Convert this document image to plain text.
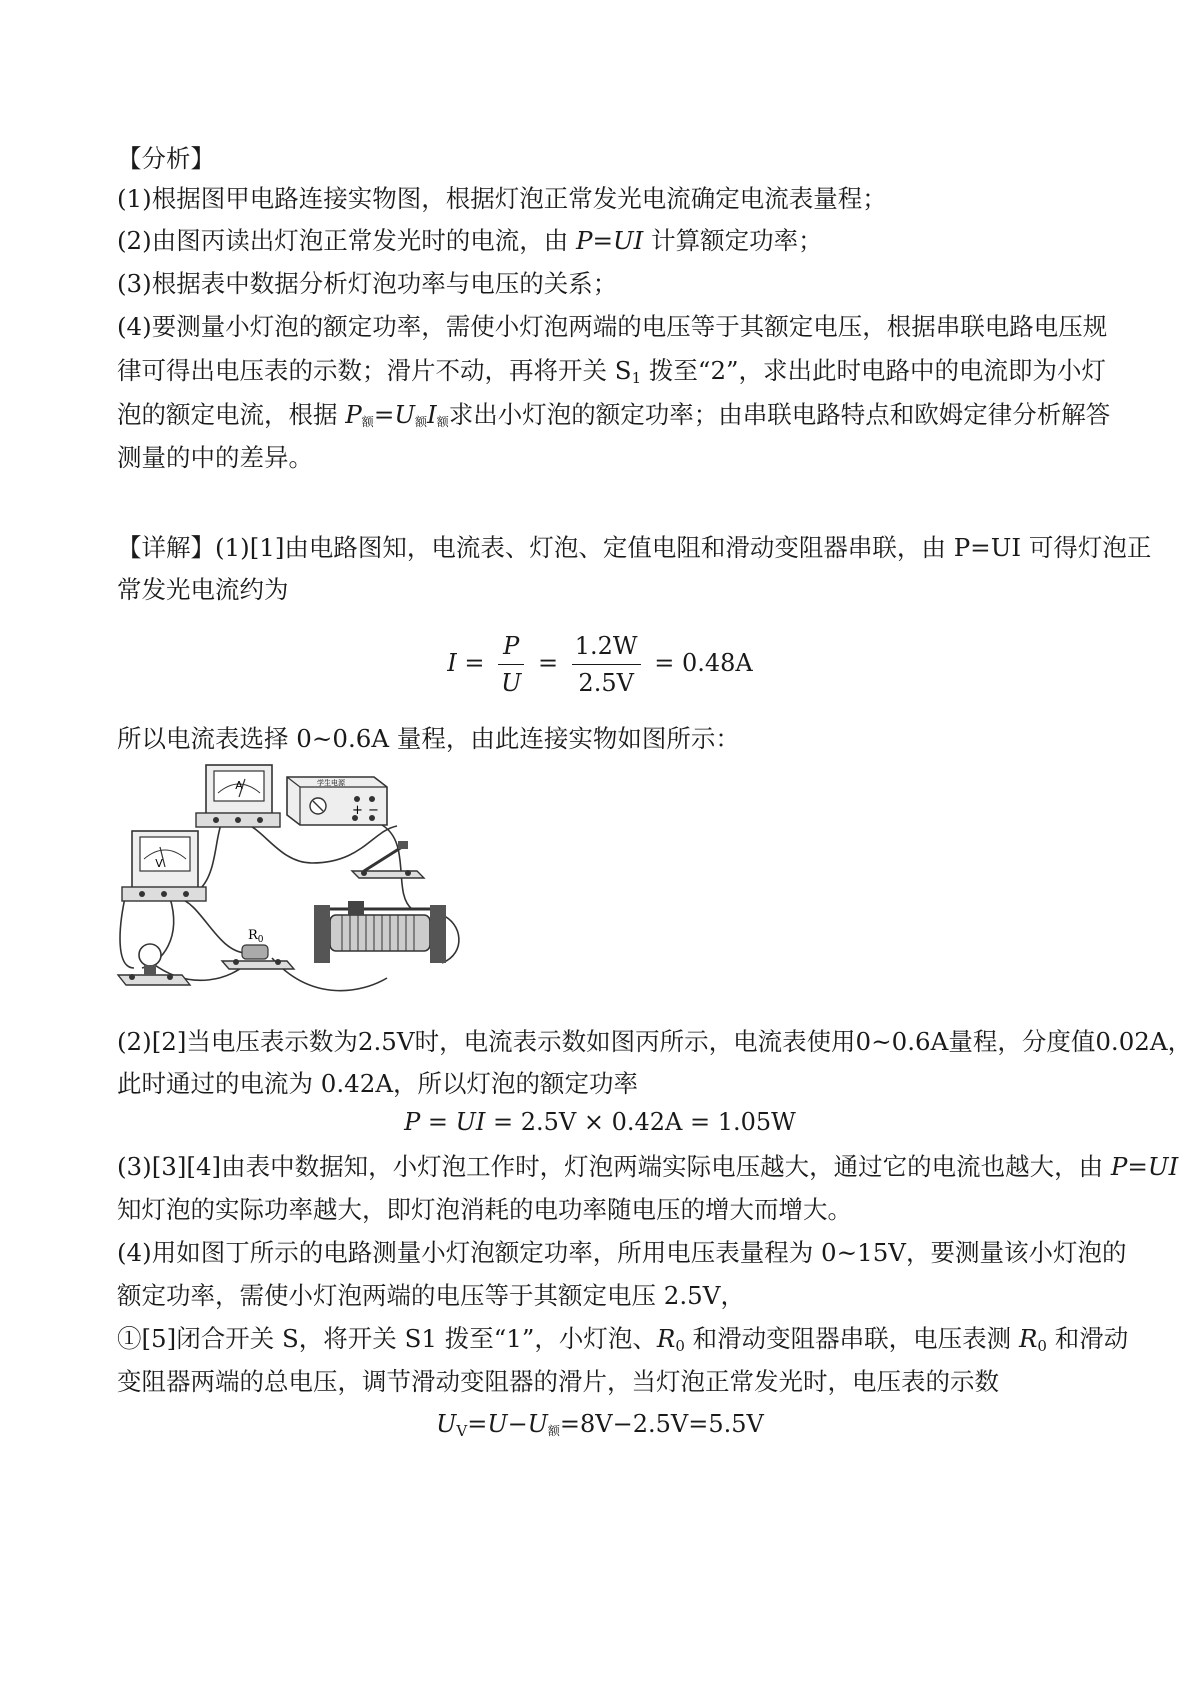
【分析】
(1)根据图甲电路连接实物图，根据灯泡正常发光电流确定电流表量程；
(2)由图丙读出灯泡正常发光时的电流，由 P=UI 计算额定功率；
(3)根据表中数据分析灯泡功率与电压的关系；
(4)要测量小灯泡的额定功率，需使小灯泡两端的电压等于其额定电压，根据串联电路电压规
律可得出电压表的示数；滑片不动，再将开关 $S_1$ 拨至“2”，求出此时电路中的电流即为小灯
泡的额定电流，根据 $P_额=U_额I_额$求出小灯泡的额定功率；由串联电路特点和欧姆定律分析解答
测量的中的差异。
【详解】(1)[1]由电路图知，电流表、灯泡、定值电阻和滑动变阻器串联，由 P=UI 可得灯泡正
常发光电流约为
$I = \frac{P}{U} = \frac{1.2W}{2.5V} = 0.48A$
所以电流表选择 0~0.6A 量程，由此连接实物如图所示：
V
A	学生电源
+ −
$R_0$
(2)[2]当电压表示数为2.5V时，电流表示数如图丙所示，电流表使用0~0.6A量程，分度值0.02A，
此时通过的电流为 0.42A，所以灯泡的额定功率
P = UI = 2.5V × 0.42A = 1.05W
(3)[3][4]由表中数据知，小灯泡工作时，灯泡两端实际电压越大，通过它的电流也越大，由 P=UI
知灯泡的实际功率越大，即灯泡消耗的电功率随电压的增大而增大。
(4)用如图丁所示的电路测量小灯泡额定功率，所用电压表量程为 0~15V，要测量该小灯泡的
额定功率，需使小灯泡两端的电压等于其额定电压 2.5V，
①[5]闭合开关 S，将开关 S1 拨至“1”，小灯泡、$R_0$ 和滑动变阻器串联，电压表测 $R_0$ 和滑动
变阻器两端的总电压，调节滑动变阻器的滑片，当灯泡正常发光时，电压表的示数
$U_V=U-U_额=8V-2.5V=5.5V$
